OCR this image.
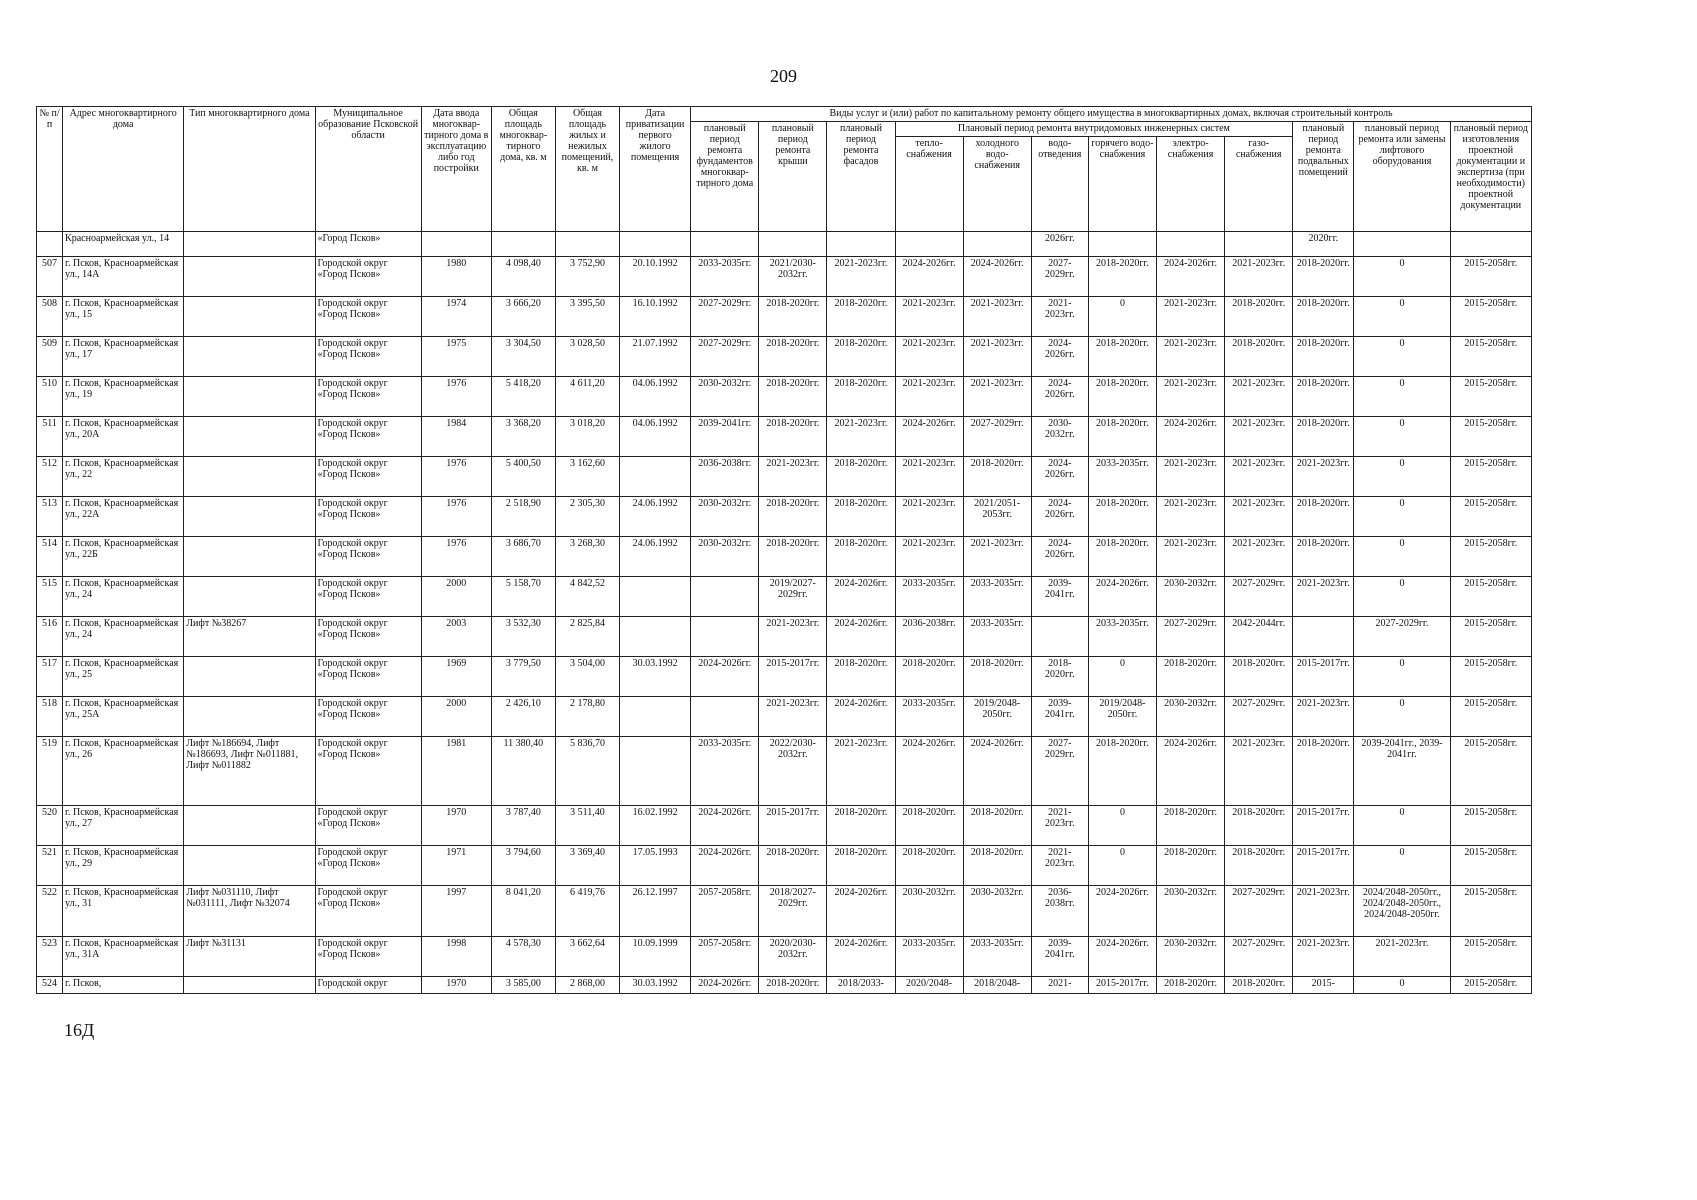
209
№ п/п	Адрес многоквартирного дома	Тип многоквартирного дома	Муниципальное образование Псковской области	Дата ввода многоквар-тирного дома в эксплуатацию либо год постройки	Общая площадь многоквар-тирного дома, кв. м	Общая площадь жилых и нежилых помещений, кв. м	Дата приватизации первого жилого помещения	Виды услуг и (или) работ по капитальному ремонту общего имущества в многоквартирных домах, включая строительный контроль											
								плановый период ремонта фундаментов многоквар-тирного дома	плановый период ремонта крыши	плановый период ремонта фасадов	Плановый период ремонта внутридомовых инженерных систем						плановый период ремонта подвальных помещений	плановый период ремонта или замены лифтового оборудования	плановый период изготовления проектной документации и экспертиза (при необходимости) проектной документации
											тепло-снабжения	холодного водо-снабжения	водо-отведения	горячего водо-снабжения	электро-снабжения	газо-снабжения			
	Красноармейская ул., 14		«Город Псков»										2026гг.				2020гг.		
507	г. Псков, Красноармейская ул., 14А		Городской округ «Город Псков»	1980	4 098,40	3 752,90	20.10.1992	2033-2035гг.	2021/2030-2032гг.	2021-2023гг.	2024-2026гг.	2024-2026гг.	2027-2029гг.	2018-2020гг.	2024-2026гг.	2021-2023гг.	2018-2020гг.	0	2015-2058гг.
508	г. Псков, Красноармейская ул., 15		Городской округ «Город Псков»	1974	3 666,20	3 395,50	16.10.1992	2027-2029гг.	2018-2020гг.	2018-2020гг.	2021-2023гг.	2021-2023гг.	2021-2023гг.	0	2021-2023гг.	2018-2020гг.	2018-2020гг.	0	2015-2058гг.
509	г. Псков, Красноармейская ул., 17		Городской округ «Город Псков»	1975	3 304,50	3 028,50	21.07.1992	2027-2029гг.	2018-2020гг.	2018-2020гг.	2021-2023гг.	2021-2023гг.	2024-2026гг.	2018-2020гг.	2021-2023гг.	2018-2020гг.	2018-2020гг.	0	2015-2058гг.
510	г. Псков, Красноармейская ул., 19		Городской округ «Город Псков»	1976	5 418,20	4 611,20	04.06.1992	2030-2032гг.	2018-2020гг.	2018-2020гг.	2021-2023гг.	2021-2023гг.	2024-2026гг.	2018-2020гг.	2021-2023гг.	2021-2023гг.	2018-2020гг.	0	2015-2058гг.
511	г. Псков, Красноармейская ул., 20А		Городской округ «Город Псков»	1984	3 368,20	3 018,20	04.06.1992	2039-2041гг.	2018-2020гг.	2021-2023гг.	2024-2026гг.	2027-2029гг.	2030-2032гг.	2018-2020гг.	2024-2026гг.	2021-2023гг.	2018-2020гг.	0	2015-2058гг.
512	г. Псков, Красноармейская ул., 22		Городской округ «Город Псков»	1976	5 400,50	3 162,60		2036-2038гг.	2021-2023гг.	2018-2020гг.	2021-2023гг.	2018-2020гг.	2024-2026гг.	2033-2035гг.	2021-2023гг.	2021-2023гг.	2021-2023гг.	0	2015-2058гг.
513	г. Псков, Красноармейская ул., 22А		Городской округ «Город Псков»	1976	2 518,90	2 305,30	24.06.1992	2030-2032гг.	2018-2020гг.	2018-2020гг.	2021-2023гг.	2021/2051-2053гг.	2024-2026гг.	2018-2020гг.	2021-2023гг.	2021-2023гг.	2018-2020гг.	0	2015-2058гг.
514	г. Псков, Красноармейская ул., 22Б		Городской округ «Город Псков»	1976	3 686,70	3 268,30	24.06.1992	2030-2032гг.	2018-2020гг.	2018-2020гг.	2021-2023гг.	2021-2023гг.	2024-2026гг.	2018-2020гг.	2021-2023гг.	2021-2023гг.	2018-2020гг.	0	2015-2058гг.
515	г. Псков, Красноармейская ул., 24		Городской округ «Город Псков»	2000	5 158,70	4 842,52			2019/2027-2029гг.	2024-2026гг.	2033-2035гг.	2033-2035гг.	2039-2041гг.	2024-2026гг.	2030-2032гг.	2027-2029гг.	2021-2023гг.	0	2015-2058гг.
516	г. Псков, Красноармейская ул., 24	Лифт №38267	Городской округ «Город Псков»	2003	3 532,30	2 825,84			2021-2023гг.	2024-2026гг.	2036-2038гг.	2033-2035гг.		2033-2035гг.	2027-2029гг.	2042-2044гг.		2027-2029гг.	2015-2058гг.
517	г. Псков, Красноармейская ул., 25		Городской округ «Город Псков»	1969	3 779,50	3 504,00	30.03.1992	2024-2026гг.	2015-2017гг.	2018-2020гг.	2018-2020гг.	2018-2020гг.	2018-2020гг.	0	2018-2020гг.	2018-2020гг.	2015-2017гг.	0	2015-2058гг.
518	г. Псков, Красноармейская ул., 25А		Городской округ «Город Псков»	2000	2 426,10	2 178,80			2021-2023гг.	2024-2026гг.	2033-2035гг.	2019/2048-2050гг.	2039-2041гг.	2019/2048-2050гг.	2030-2032гг.	2027-2029гг.	2021-2023гг.	0	2015-2058гг.
519	г. Псков, Красноармейская ул., 26	Лифт №186694, Лифт №186693, Лифт №011881, Лифт №011882	Городской округ «Город Псков»	1981	11 380,40	5 836,70		2033-2035гг.	2022/2030-2032гг.	2021-2023гг.	2024-2026гг.	2024-2026гг.	2027-2029гг.	2018-2020гг.	2024-2026гг.	2021-2023гг.	2018-2020гг.	2039-2041гг., 2039-2041гг.	2015-2058гг.
520	г. Псков, Красноармейская ул., 27		Городской округ «Город Псков»	1970	3 787,40	3 511,40	16.02.1992	2024-2026гг.	2015-2017гг.	2018-2020гг.	2018-2020гг.	2018-2020гг.	2021-2023гг.	0	2018-2020гг.	2018-2020гг.	2015-2017гг.	0	2015-2058гг.
521	г. Псков, Красноармейская ул., 29		Городской округ «Город Псков»	1971	3 794,60	3 369,40	17.05.1993	2024-2026гг.	2018-2020гг.	2018-2020гг.	2018-2020гг.	2018-2020гг.	2021-2023гг.	0	2018-2020гг.	2018-2020гг.	2015-2017гг.	0	2015-2058гг.
522	г. Псков, Красноармейская ул., 31	Лифт №031110, Лифт №031111, Лифт №32074	Городской округ «Город Псков»	1997	8 041,20	6 419,76	26.12.1997	2057-2058гг.	2018/2027-2029гг.	2024-2026гг.	2030-2032гг.	2030-2032гг.	2036-2038гг.	2024-2026гг.	2030-2032гг.	2027-2029гг.	2021-2023гг.	2024/2048-2050гг., 2024/2048-2050гг., 2024/2048-2050гг.	2015-2058гг.
523	г. Псков, Красноармейская ул., 31А	Лифт №31131	Городской округ «Город Псков»	1998	4 578,30	3 662,64	10.09.1999	2057-2058гг.	2020/2030-2032гг.	2024-2026гг.	2033-2035гг.	2033-2035гг.	2039-2041гг.	2024-2026гг.	2030-2032гг.	2027-2029гг.	2021-2023гг.	2021-2023гг.	2015-2058гг.
524	г. Псков,		Городской округ	1970	3 585,00	2 868,00	30.03.1992	2024-2026гг.	2018-2020гг.	2018/2033-	2020/2048-	2018/2048-	2021-	2015-2017гг.	2018-2020гг.	2018-2020гг.	2015-	0	2015-2058гг.
16Д
